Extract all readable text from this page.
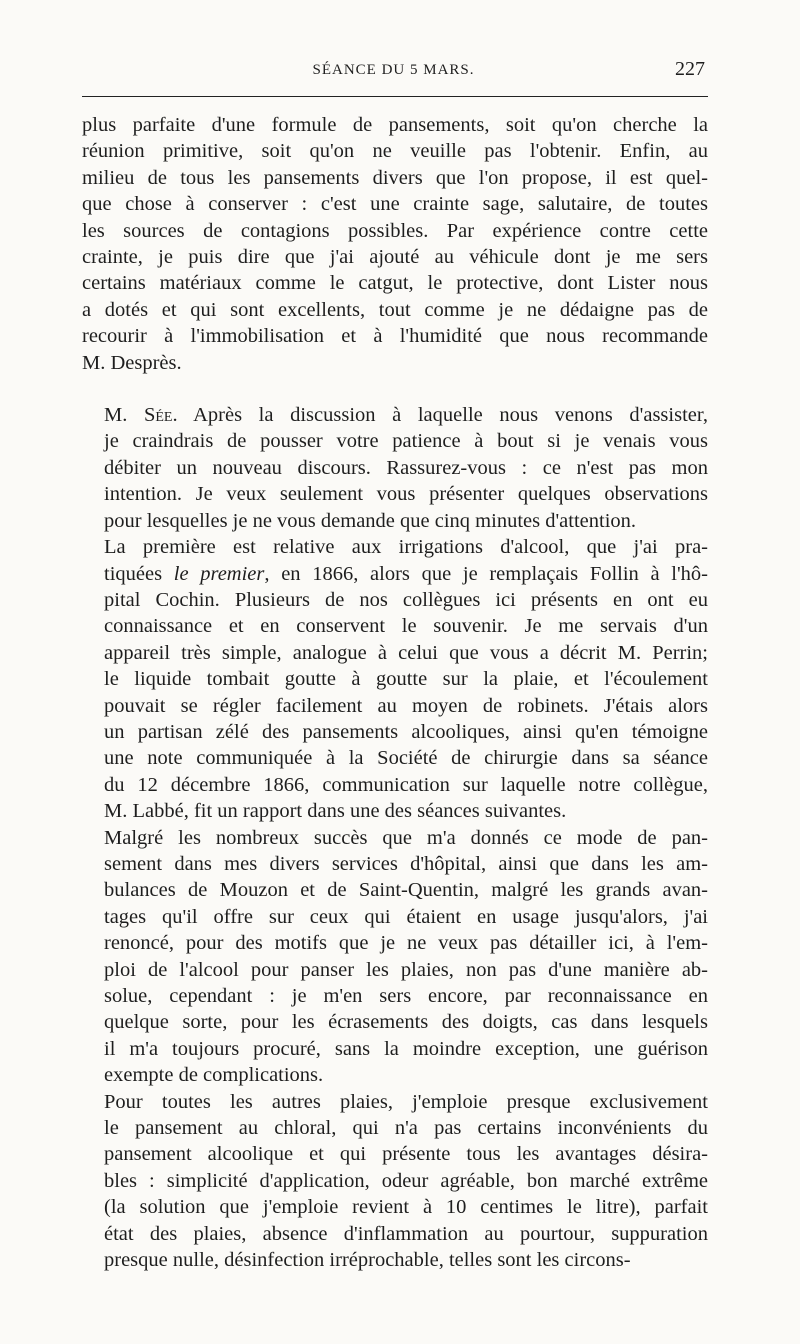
SÉANCE DU 5 MARS.	227

plus parfaite d'une formule de pansements, soit qu'on cherche la
réunion primitive, soit qu'on ne veuille pas l'obtenir. Enfin, au
milieu de tous les pansements divers que l'on propose, il est quel-
que chose à conserver : c'est une crainte sage, salutaire, de toutes
les sources de contagions possibles. Par expérience contre cette
crainte, je puis dire que j'ai ajouté au véhicule dont je me sers
certains matériaux comme le catgut, le protective, dont Lister nous
a dotés et qui sont excellents, tout comme je ne dédaigne pas de
recourir à l'immobilisation et à l'humidité que nous recommande
M. Desprès.

M. Sée. Après la discussion à laquelle nous venons d'assister,
je craindrais de pousser votre patience à bout si je venais vous
débiter un nouveau discours. Rassurez-vous : ce n'est pas mon
intention. Je veux seulement vous présenter quelques observations
pour lesquelles je ne vous demande que cinq minutes d'attention.

La première est relative aux irrigations d'alcool, que j'ai pra-
tiquées le premier, en 1866, alors que je remplaçais Follin à l'hô-
pital Cochin. Plusieurs de nos collègues ici présents en ont eu
connaissance et en conservent le souvenir. Je me servais d'un
appareil très simple, analogue à celui que vous a décrit M. Perrin;
le liquide tombait goutte à goutte sur la plaie, et l'écoulement
pouvait se régler facilement au moyen de robinets. J'étais alors
un partisan zélé des pansements alcooliques, ainsi qu'en témoigne
une note communiquée à la Société de chirurgie dans sa séance
du 12 décembre 1866, communication sur laquelle notre collègue,
M. Labbé, fit un rapport dans une des séances suivantes.

Malgré les nombreux succès que m'a donnés ce mode de pan-
sement dans mes divers services d'hôpital, ainsi que dans les am-
bulances de Mouzon et de Saint-Quentin, malgré les grands avan-
tages qu'il offre sur ceux qui étaient en usage jusqu'alors, j'ai
renoncé, pour des motifs que je ne veux pas détailler ici, à l'em-
ploi de l'alcool pour panser les plaies, non pas d'une manière ab-
solue, cependant : je m'en sers encore, par reconnaissance en
quelque sorte, pour les écrasements des doigts, cas dans lesquels
il m'a toujours procuré, sans la moindre exception, une guérison
exempte de complications.

Pour toutes les autres plaies, j'emploie presque exclusivement
le pansement au chloral, qui n'a pas certains inconvénients du
pansement alcoolique et qui présente tous les avantages désira-
bles : simplicité d'application, odeur agréable, bon marché extrême
(la solution que j'emploie revient à 10 centimes le litre), parfait
état des plaies, absence d'inflammation au pourtour, suppuration
presque nulle, désinfection irréprochable, telles sont les circons-
